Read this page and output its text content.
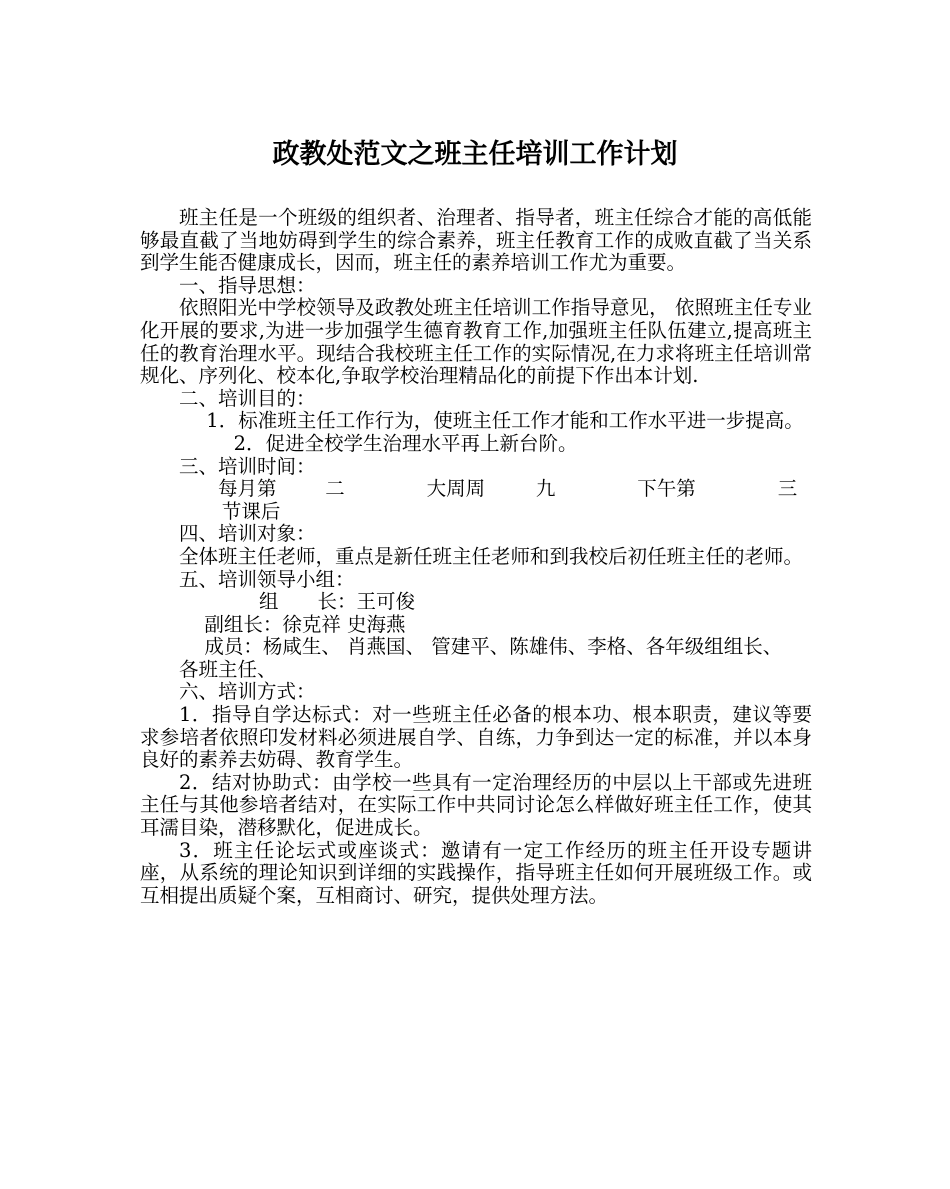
政教处范文之班主任培训工作计划

班主任是一个班级的组织者、治理者、指导者，班主任综合才能的高低能够最直截了当地妨碍到学生的综合素养，班主任教育工作的成败直截了当关系到学生能否健康成长，因而，班主任的素养培训工作尤为重要。

一、指导思想：

依照阳光中学校领导及政教处班主任培训工作指导意见， 依照班主任专业化开展的要求,为进一步加强学生德育教育工作,加强班主任队伍建立,提高班主任的教育治理水平。现结合我校班主任工作的实际情况,在力求将班主任培训常规化、序列化、校本化,争取学校治理精品化的前提下作出本计划.

二、培训目的：

1．标准班主任工作行为，使班主任工作才能和工作水平进一步提高。

2．促进全校学生治理水平再上新台阶。

三、培训时间：

每月第	二	大周周	九	下午第	三节课后

四、培训对象：

全体班主任老师，重点是新任班主任老师和到我校后初任班主任的老师。

五、培训领导小组：

组　　长：王可俊

副组长：徐克祥 史海燕

成员：杨咸生、 肖燕国、 管建平、陈雄伟、李格、各年级组组长、

各班主任、

六、培训方式：

1．指导自学达标式：对一些班主任必备的根本功、根本职责，建议等要求参培者依照印发材料必须进展自学、自练，力争到达一定的标准，并以本身良好的素养去妨碍、教育学生。

2．结对协助式：由学校一些具有一定治理经历的中层以上干部或先进班主任与其他参培者结对，在实际工作中共同讨论怎么样做好班主任工作，使其耳濡目染，潜移默化，促进成长。

3．班主任论坛式或座谈式：邀请有一定工作经历的班主任开设专题讲座，从系统的理论知识到详细的实践操作，指导班主任如何开展班级工作。或互相提出质疑个案，互相商讨、研究，提供处理方法。
